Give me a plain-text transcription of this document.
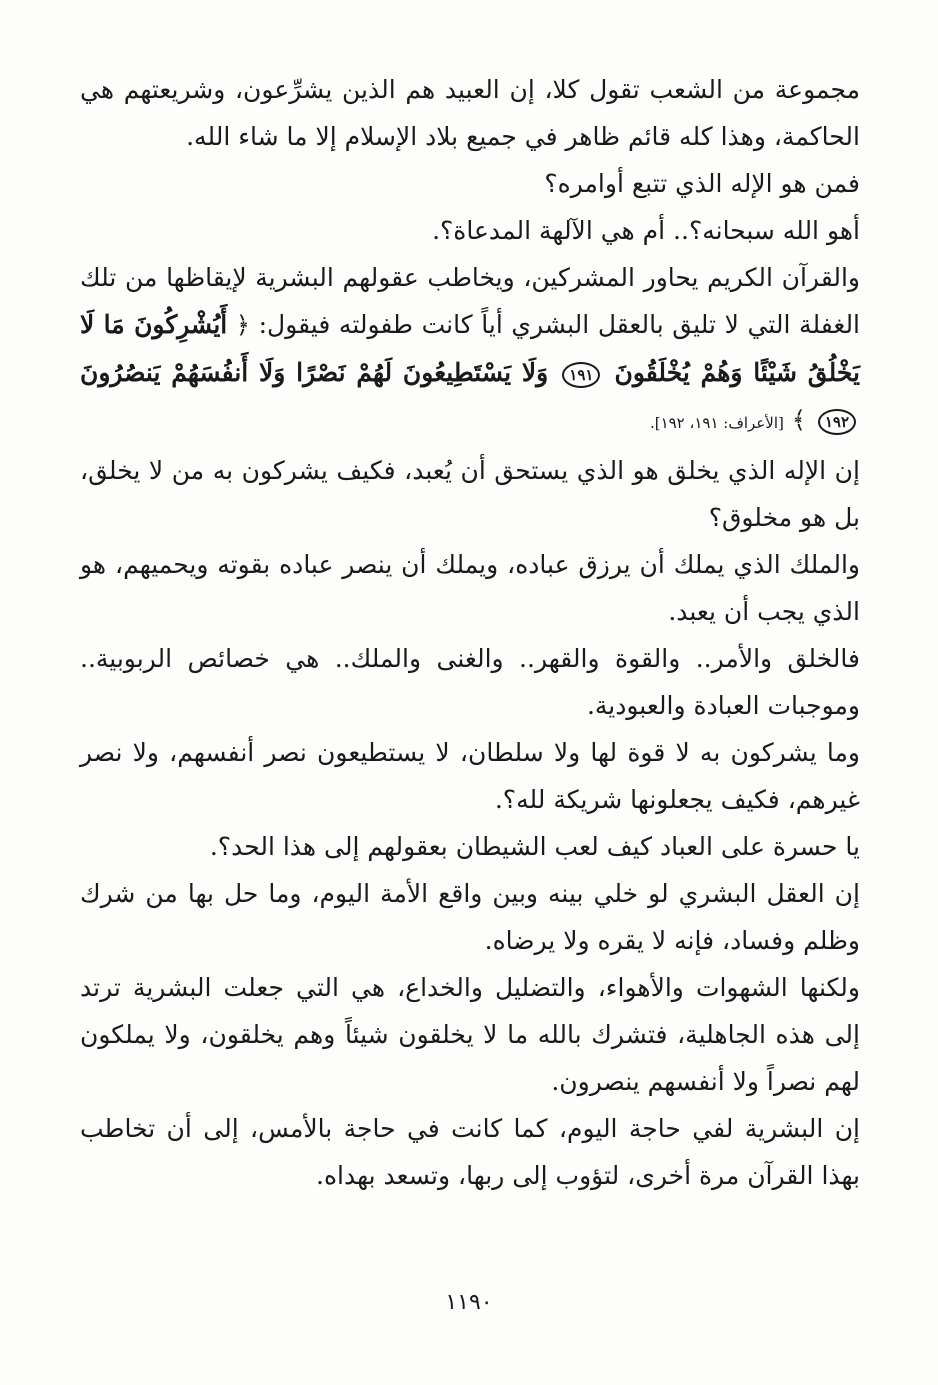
مجموعة من الشعب تقول كلا، إن العبيد هم الذين يشرِّعون، وشريعتهم هي الحاكمة، وهذا كله قائم ظاهر في جميع بلاد الإسلام إلا ما شاء الله.

فمن هو الإله الذي تتبع أوامره؟

أهو الله سبحانه؟.. أم هي الآلهة المدعاة؟.

والقرآن الكريم يحاور المشركين، ويخاطب عقولهم البشرية لإيقاظها من تلك الغفلة التي لا تليق بالعقل البشري أياً كانت طفولته فيقول: ﴿ أَيُشْرِكُونَ مَا لَا يَخْلُقُ شَيْئًا وَهُمْ يُخْلَقُونَ ١٩١ وَلَا يَسْتَطِيعُونَ لَهُمْ نَصْرًا وَلَا أَنفُسَهُمْ يَنصُرُونَ ١٩٢ ﴾ [الأعراف: ١٩١، ١٩٢].

إن الإله الذي يخلق هو الذي يستحق أن يُعبد، فكيف يشركون به من لا يخلق، بل هو مخلوق؟

والملك الذي يملك أن يرزق عباده، ويملك أن ينصر عباده بقوته ويحميهم، هو الذي يجب أن يعبد.

فالخلق والأمر.. والقوة والقهر.. والغنى والملك.. هي خصائص الربوبية.. وموجبات العبادة والعبودية.

وما يشركون به لا قوة لها ولا سلطان، لا يستطيعون نصر أنفسهم، ولا نصر غيرهم، فكيف يجعلونها شريكة لله؟.

يا حسرة على العباد كيف لعب الشيطان بعقولهم إلى هذا الحد؟.

إن العقل البشري لو خلي بينه وبين واقع الأمة اليوم، وما حل بها من شرك وظلم وفساد، فإنه لا يقره ولا يرضاه.

ولكنها الشهوات والأهواء، والتضليل والخداع، هي التي جعلت البشرية ترتد إلى هذه الجاهلية، فتشرك بالله ما لا يخلقون شيئاً وهم يخلقون، ولا يملكون لهم نصراً ولا أنفسهم ينصرون.

إن البشرية لفي حاجة اليوم، كما كانت في حاجة بالأمس، إلى أن تخاطب بهذا القرآن مرة أخرى، لتؤوب إلى ربها، وتسعد بهداه.

١١٩٠
